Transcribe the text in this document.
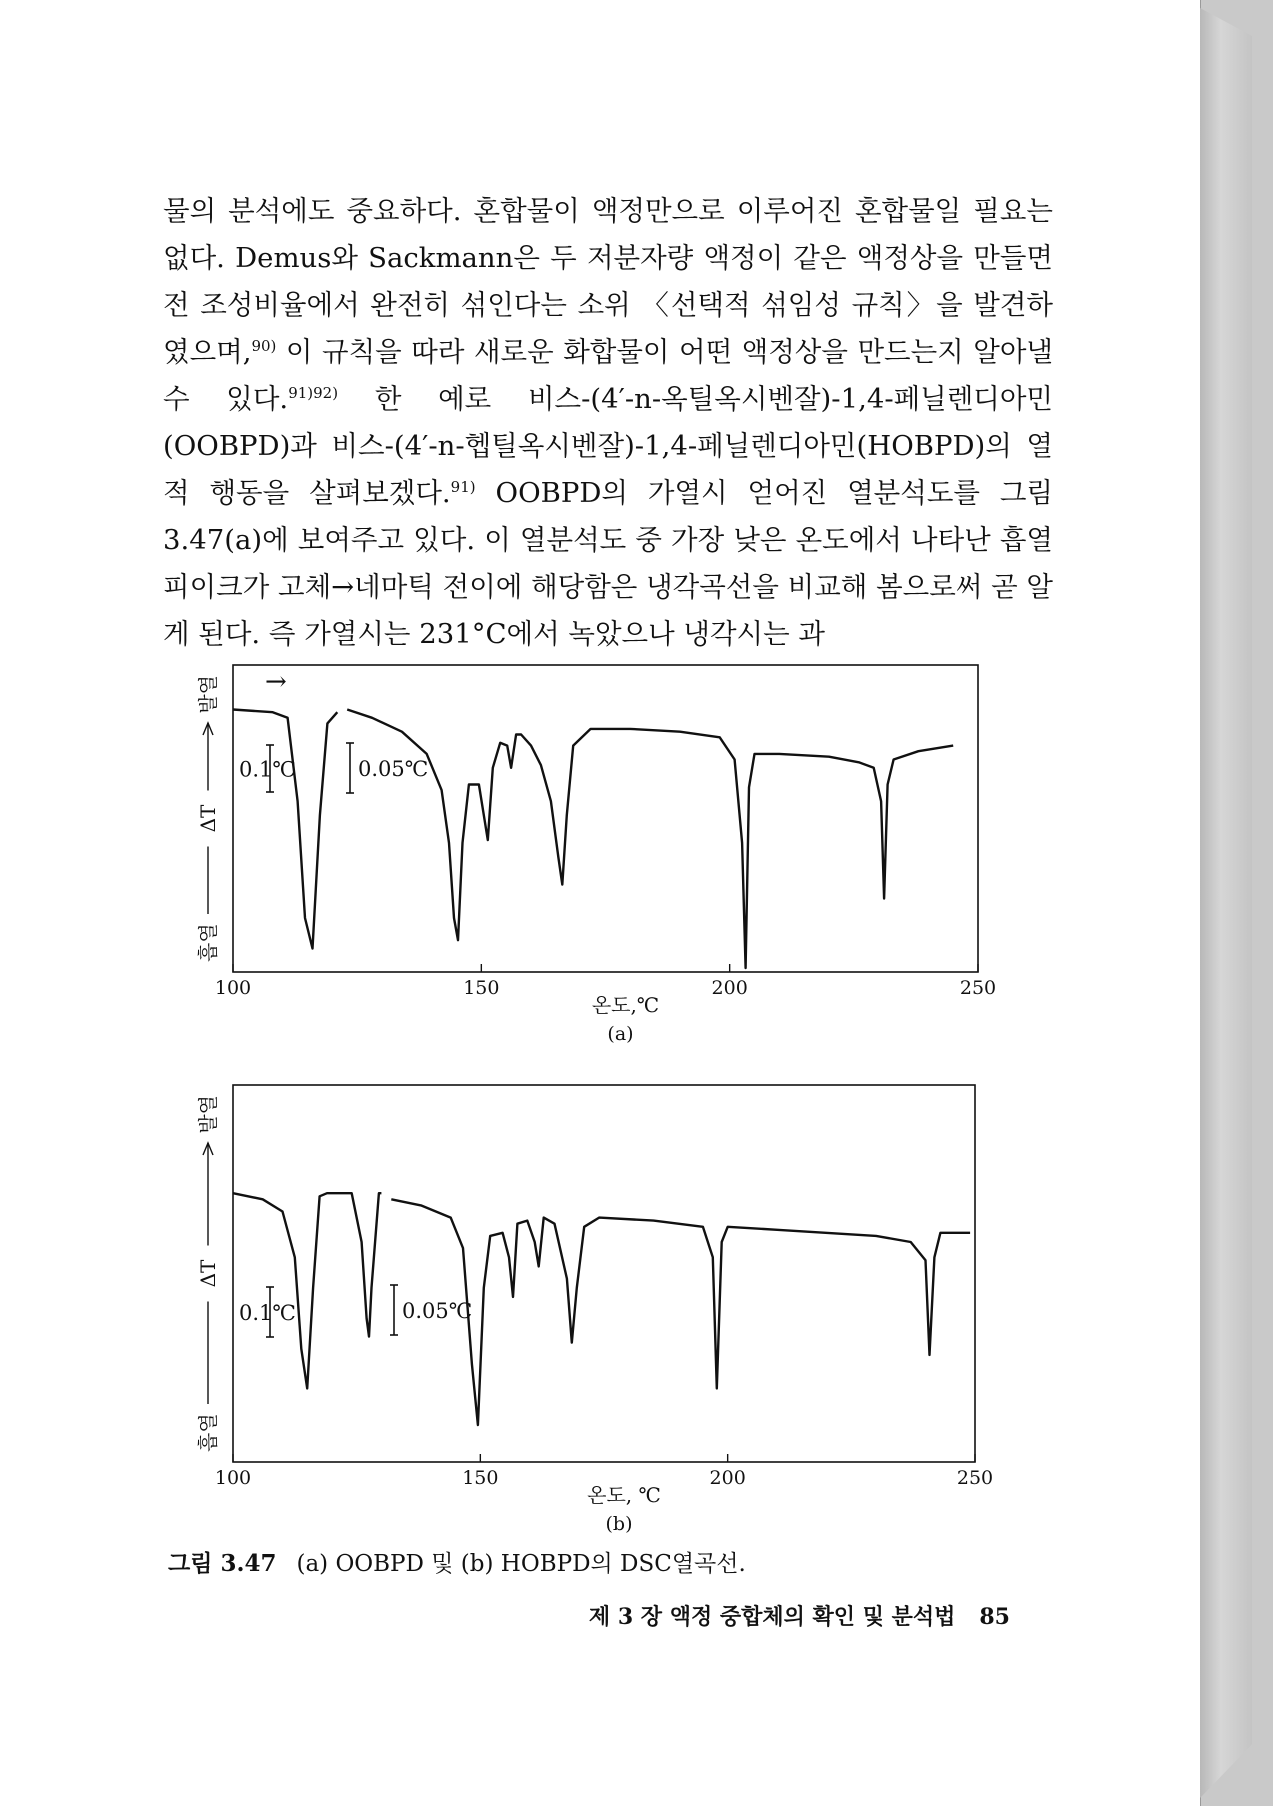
물의 분석에도 중요하다. 혼합물이 액정만으로 이루어진 혼합물일 필요는 없다. Demus와 Sackmann은 두 저분자량 액정이 같은 액정상을 만들면 전 조성비율에서 완전히 섞인다는 소위 〈선택적 섞임성 규칙〉을 발견하였으며,$^{90)}$ 이 규칙을 따라 새로운 화합물이 어떤 액정상을 만드는지 알아낼 수 있다.$^{91)92)}$ 한 예로 비스-(4′-n-옥틸옥시벤잘)-1,4-페닐렌디아민(OOBPD)과 비스-(4′-n-헵틸옥시벤잘)-1,4-페닐렌디아민(HOBPD)의 열적 행동을 살펴보겠다.$^{91)}$ OOBPD의 가열시 얻어진 열분석도를 그림 3.47(a)에 보여주고 있다. 이 열분석도 중 가장 낮은 온도에서 나타난 흡열피이크가 고체→네마틱 전이에 해당함은 냉각곡선을 비교해 봄으로써 곧 알게 된다. 즉 가열시는 231°C에서 녹았으나 냉각시는 과

100	150	200	250
온도,℃
(a)
흡열
ΔT
발열
0.1℃	0.05℃
→
100	150	200	250
온도, ℃
(b)
흡열
ΔT
발열
0.1℃	0.05℃
그림 3.47 (a) OOBPD 및 (b) HOBPD의 DSC열곡선.
제 3 장 액정 중합체의 확인 및 분석법 85
